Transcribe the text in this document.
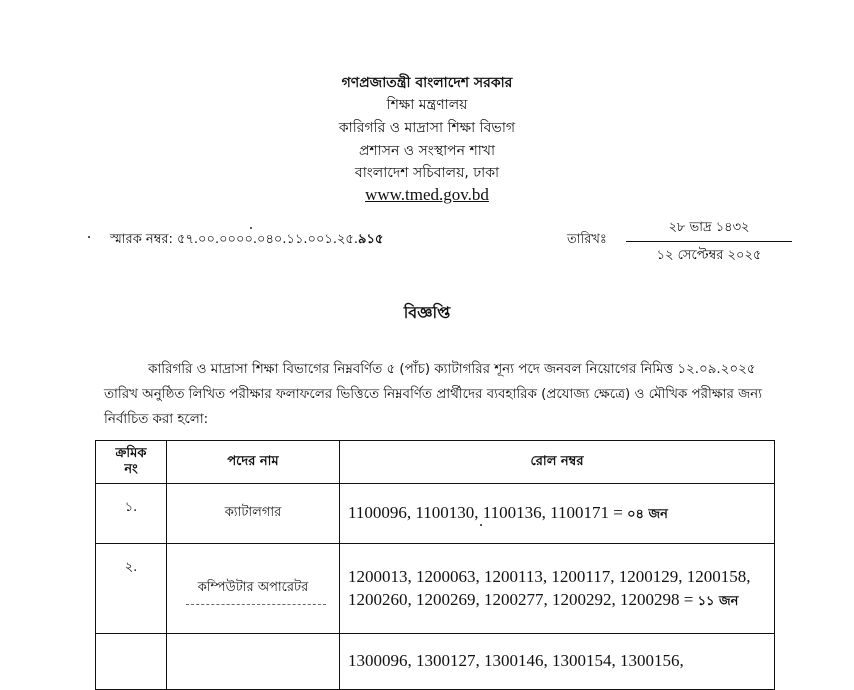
গণপ্রজাতন্ত্রী বাংলাদেশ সরকার
শিক্ষা মন্ত্রণালয়
কারিগরি ও মাদ্রাসা শিক্ষা বিভাগ
প্রশাসন ও সংস্থাপন শাখা
বাংলাদেশ সচিবালয়, ঢাকা
www.tmed.gov.bd
স্মারক নম্বর: ৫৭.০০.০০০০.০৪০.১১.০০১.২৫.৯১৫	তারিখঃ
২৮ ভাদ্র ১৪৩২
১২ সেপ্টেম্বর ২০২৫
বিজ্ঞপ্তি
কারিগরি ও মাদ্রাসা শিক্ষা বিভাগের নিম্নবর্ণিত ৫ (পাঁচ) ক্যাটাগরির শূন্য পদে জনবল নিয়োগের নিমিত্ত ১২.০৯.২০২৫ তারিখ অনুষ্ঠিত লিখিত পরীক্ষার ফলাফলের ভিত্তিতে নিম্নবর্ণিত প্রার্থীদের ব্যবহারিক (প্রযোজ্য ক্ষেত্রে) ও মৌখিক পরীক্ষার জন্য নির্বাচিত করা হলো:
ক্রমিক
নং	পদের নাম	রোল নম্বর
১.	ক্যাটালগার	1100096, 1100130, 1100136, 1100171 = ০৪ জন
২.	কম্পিউটার অপারেটর	1200013, 1200063, 1200113, 1200117, 1200129, 1200158, 1200260, 1200269, 1200277, 1200292, 1200298 = ১১ জন
		1300096, 1300127, 1300146, 1300154, 1300156,
